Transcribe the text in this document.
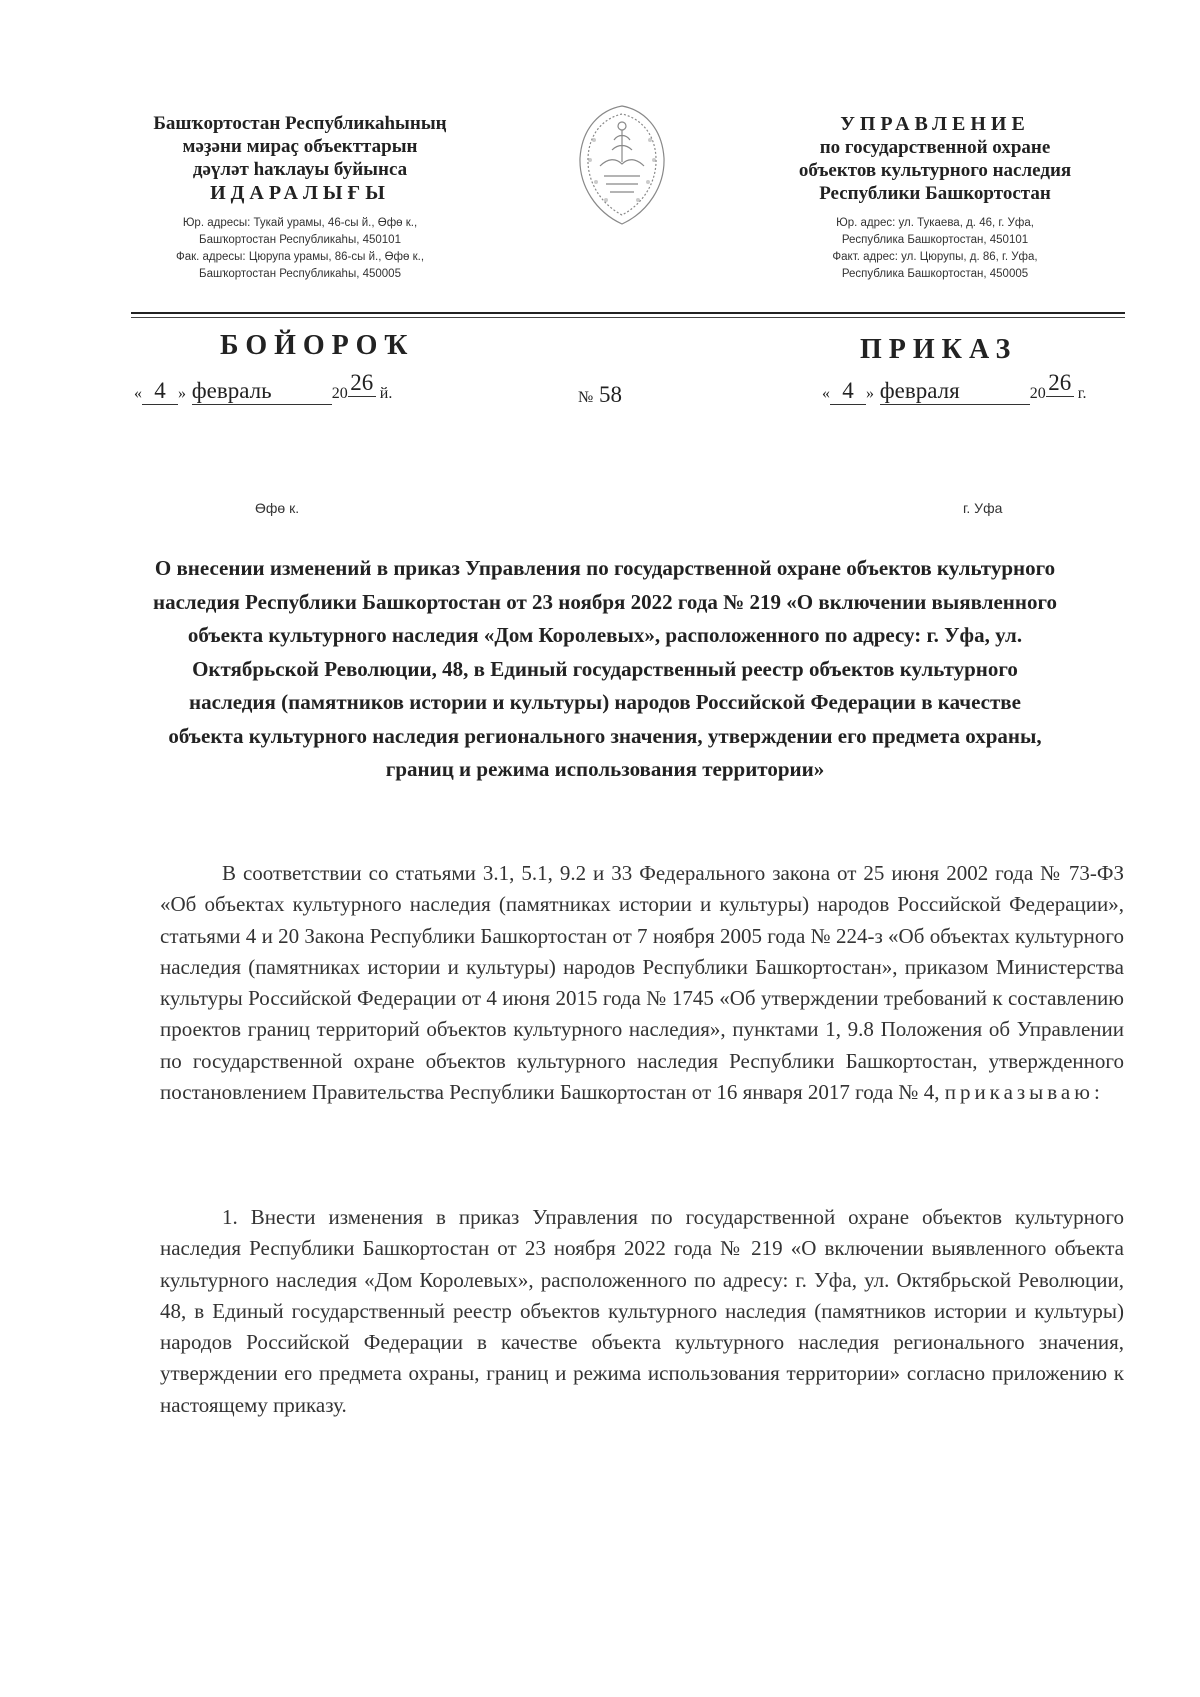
Башҡортостан Республикаһының
мәҙәни мираҫ объекттарын
дәүләт һаҡлауы буйынса
ИДАРАЛЫҒЫ
Юр. адресы: Тукай урамы, 46-сы й., Өфө к.,
Башҡортостан Республикаһы, 450101
Фак. адресы: Цюрупа урамы, 86-сы й., Өфө к.,
Башҡортостан Республикаһы, 450005
УПРАВЛЕНИЕ
по государственной охране
объектов культурного наследия
Республики Башкортостан
Юр. адрес: ул. Тукаева, д. 46, г. Уфа,
Республика Башкортостан, 450101
Факт. адрес: ул. Цюрупы, д. 86, г. Уфа,
Республика Башкортостан, 450005
БОЙОРОҠ	ПРИКАЗ
« 4 » февраль	20 26 й.	№ 58	« 4 » февраля	20 26 г.
Өфө к.	г. Уфа
О внесении изменений в приказ Управления по государственной охране объектов культурного наследия Республики Башкортостан от 23 ноября 2022 года № 219 «О включении выявленного объекта культурного наследия «Дом Королевых», расположенного по адресу: г. Уфа, ул. Октябрьской Революции, 48, в Единый государственный реестр объектов культурного наследия (памятников истории и культуры) народов Российской Федерации в качестве объекта культурного наследия регионального значения, утверждении его предмета охраны, границ и режима использования территории»
В соответствии со статьями 3.1, 5.1, 9.2 и 33 Федерального закона от 25 июня 2002 года № 73-ФЗ «Об объектах культурного наследия (памятниках истории и культуры) народов Российской Федерации», статьями 4 и 20 Закона Республики Башкортостан от 7 ноября 2005 года № 224-з «Об объектах культурного наследия (памятниках истории и культуры) народов Республики Башкортостан», приказом Министерства культуры Российской Федерации от 4 июня 2015 года № 1745 «Об утверждении требований к составлению проектов границ территорий объектов культурного наследия», пунктами 1, 9.8 Положения об Управлении по государственной охране объектов культурного наследия Республики Башкортостан, утвержденного постановлением Правительства Республики Башкортостан от 16 января 2017 года № 4, приказываю:
1. Внести изменения в приказ Управления по государственной охране объектов культурного наследия Республики Башкортостан от 23 ноября 2022 года № 219 «О включении выявленного объекта культурного наследия «Дом Королевых», расположенного по адресу: г. Уфа, ул. Октябрьской Революции, 48, в Единый государственный реестр объектов культурного наследия (памятников истории и культуры) народов Российской Федерации в качестве объекта культурного наследия регионального значения, утверждении его предмета охраны, границ и режима использования территории» согласно приложению к настоящему приказу.
